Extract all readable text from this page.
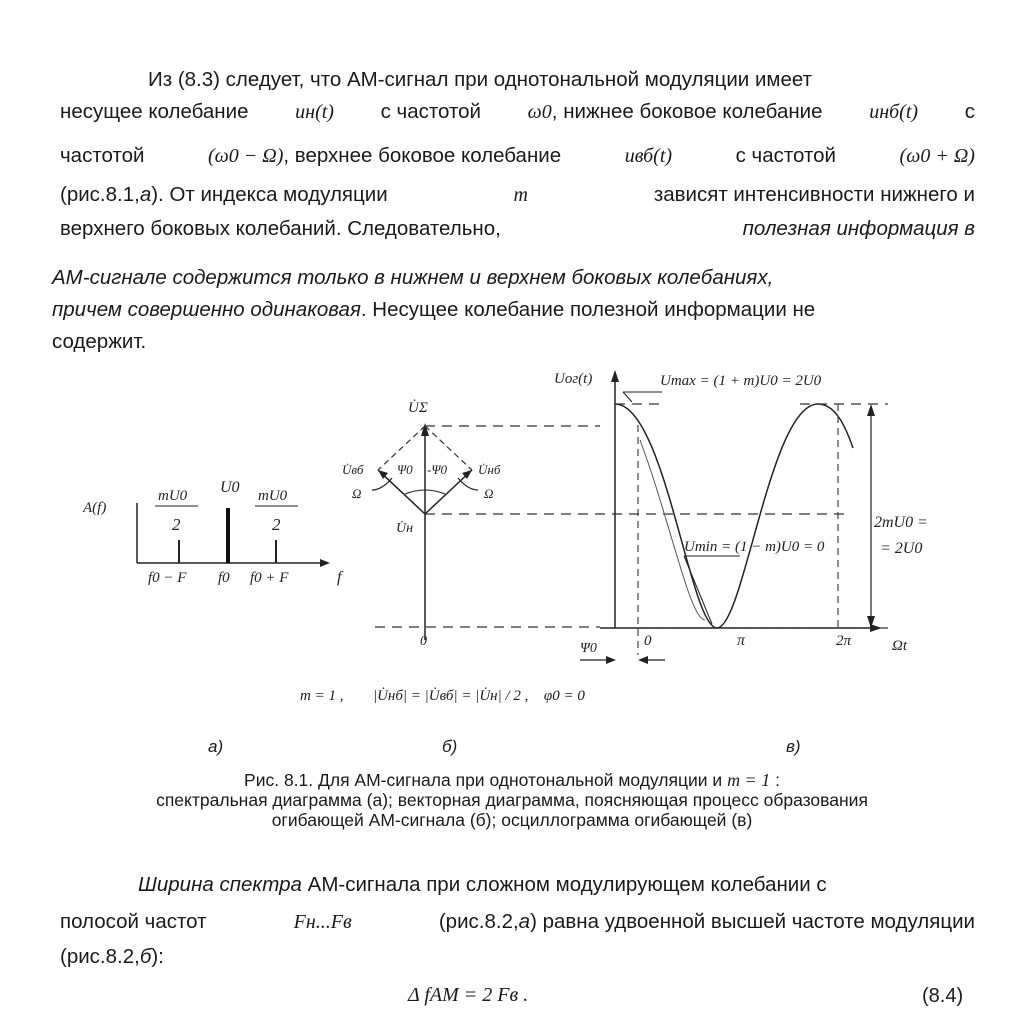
Из (8.3) следует, что АМ-сигнал при однотональной модуляции имеет
несущее колебание uн(t) с частотой ω0, нижнее боковое колебание uнб(t) с
частотой	(ω0 − Ω), верхнее боковое колебание	uвб(t)	с частотой	(ω0 + Ω)
(рис.8.1,а). От индекса модуляции	m	зависят интенсивности нижнего и
верхнего боковых колебаний. Следовательно,	полезная информация в
АМ-сигнале содержится только в нижнем и верхнем боковых колебаниях,
причем совершенно одинаковая. Несущее колебание полезной информации не
содержит.
A(f)
mU0
2
U0 mU0
2
f0 − F f0 f0 + F	f
U̇Σ
U̇вб	U̇нб
Ψ0 -Ψ0
Ω	Ω
U̇н
0
Uог(t)	Umax = (1 + m)U0 = 2U0
Umin = (1 − m)U0 = 0
2mU0 =
= 2U0
0	π	2π	Ωt
Ψ0
m = 1 , |U̇нб| = |U̇вб| = |U̇н| / 2 , φ0 = 0
а)	б)	в)
Рис. 8.1. Для АМ-сигнала при однотональной модуляции и m = 1 :
спектральная диаграмма (а); векторная диаграмма, поясняющая процесс образования
огибающей АМ-сигнала (б); осциллограмма огибающей (в)
Ширина спектра АМ-сигнала при сложном модулирующем колебании с
полосой частот	Fн...Fв	(рис.8.2,а) равна удвоенной высшей частоте модуляции
(рис.8.2,б):
Δ fAM = 2 Fв .	(8.4)
